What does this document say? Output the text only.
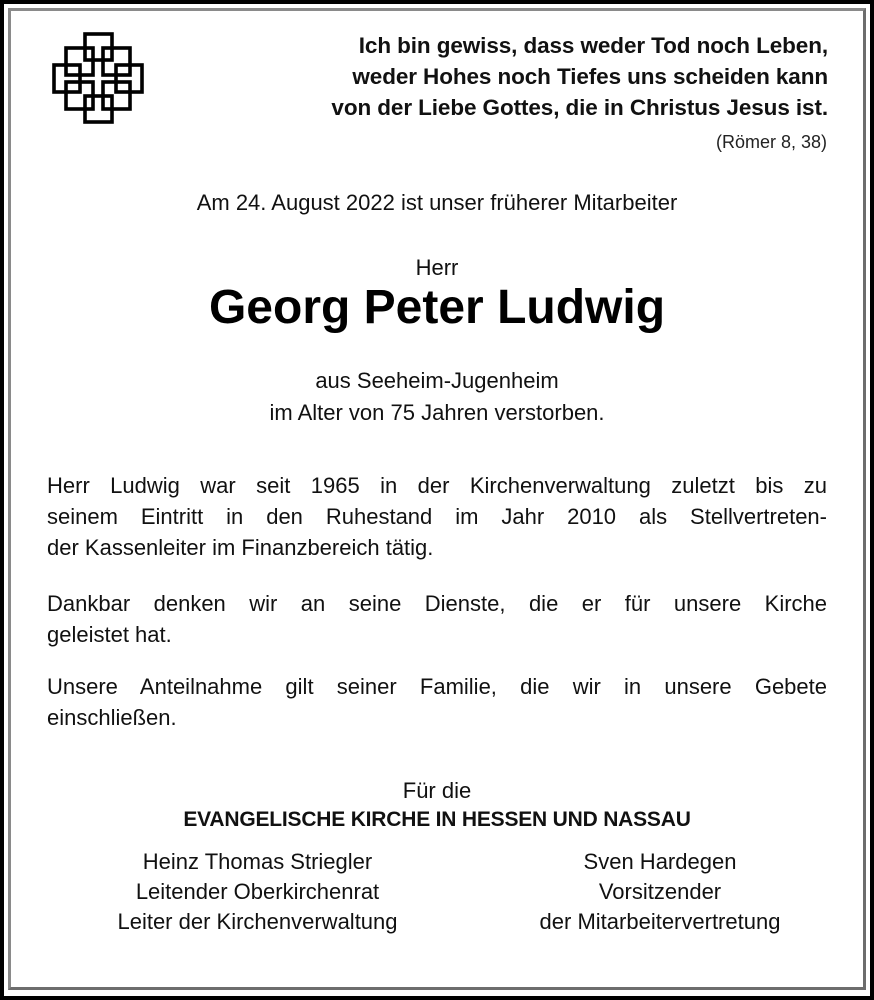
Ich bin gewiss, dass weder Tod noch Leben,
weder Hohes noch Tiefes uns scheiden kann
von der Liebe Gottes, die in Christus Jesus ist.
(Römer 8, 38)
Am 24. August 2022 ist unser früherer Mitarbeiter
Herr
Georg Peter Ludwig
aus Seeheim-Jugenheim
im Alter von 75 Jahren verstorben.
Herr Ludwig war seit 1965 in der Kirchenverwaltung zuletzt bis zu
seinem Eintritt in den Ruhestand im Jahr 2010 als Stellvertreten-
der Kassenleiter im Finanzbereich tätig.
Dankbar denken wir an seine Dienste, die er für unsere Kirche
geleistet hat.
Unsere Anteilnahme gilt seiner Familie, die wir in unsere Gebete
einschließen.
Für die
EVANGELISCHE KIRCHE IN HESSEN UND NASSAU
Heinz Thomas Striegler
Leitender Oberkirchenrat
Leiter der Kirchenverwaltung
Sven Hardegen
Vorsitzender
der Mitarbeitervertretung
